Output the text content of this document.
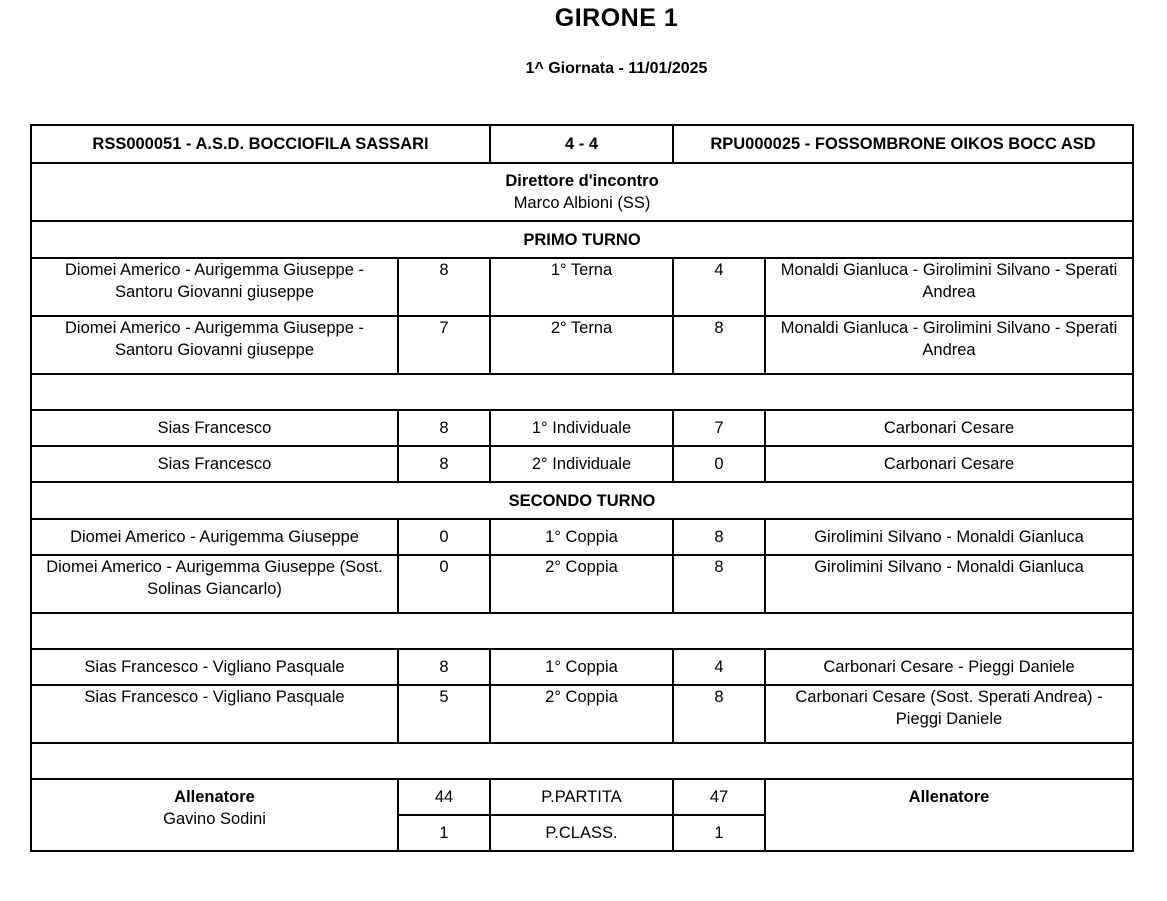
GIRONE 1
1^ Giornata - 11/01/2025
RSS000051 - A.S.D. BOCCIOFILA SASSARI		4 - 4	RPU000025 - FOSSOMBRONE OIKOS BOCC ASD	

Direttore d'incontro
Marco Albioni (SS)				

PRIMO TURNO				
Diomei Americo - Aurigemma Giuseppe - Santoru Giovanni giuseppe	8	1° Terna	4	Monaldi Gianluca - Girolimini Silvano - Sperati Andrea
Diomei Americo - Aurigemma Giuseppe - Santoru Giovanni giuseppe	7	2° Terna	8	Monaldi Gianluca - Girolimini Silvano - Sperati Andrea

Sias Francesco	8	1° Individuale	7	Carbonari Cesare
Sias Francesco	8	2° Individuale	0	Carbonari Cesare
SECONDO TURNO				
Diomei Americo - Aurigemma Giuseppe	0	1° Coppia	8	Girolimini Silvano - Monaldi Gianluca
Diomei Americo - Aurigemma Giuseppe (Sost. Solinas Giancarlo)	0	2° Coppia	8	Girolimini Silvano - Monaldi Gianluca

Sias Francesco - Vigliano Pasquale	8	1° Coppia	4	Carbonari Cesare - Pieggi Daniele
Sias Francesco - Vigliano Pasquale	5	2° Coppia	8	Carbonari Cesare (Sost. Sperati Andrea) - Pieggi Daniele

Allenatore
Gavino Sodini	44	P.PARTITA	47	Allenatore

	1	P.CLASS.	1	
